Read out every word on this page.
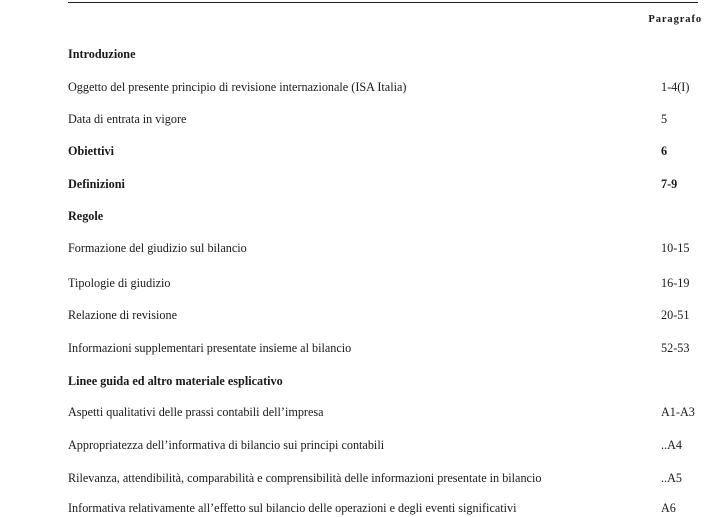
Paragrafo
Introduzione
Oggetto del presente principio di revisione internazionale (ISA Italia)	1-4(I)
Data di entrata in vigore	5
Obiettivi	6
Definizioni	7-9
Regole
Formazione del giudizio sul bilancio	10-15
Tipologie di giudizio	16-19
Relazione di revisione	20-51
Informazioni supplementari presentate insieme al bilancio	52-53
Linee guida ed altro materiale esplicativo
Aspetti qualitativi delle prassi contabili dell’impresa	A1-A3
Appropriatezza dell’informativa di bilancio sui principi contabili	..A4
Rilevanza, attendibilità, comparabilità e comprensibilità delle informazioni presentate in bilancio	..A5
Informativa relativamente all’effetto sul bilancio delle operazioni e degli eventi significativi	A6
